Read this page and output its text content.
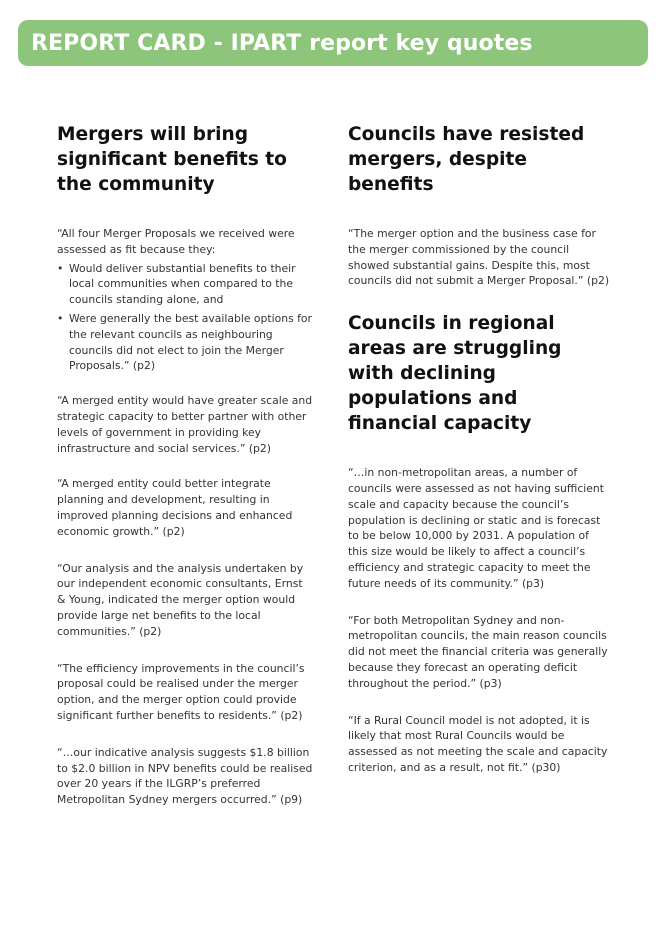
REPORT CARD - IPART report key quotes
Mergers will bring significant benefits to the community

“All four Merger Proposals we received were assessed as fit because they:

• Would deliver substantial benefits to their local communities when compared to the councils standing alone, and
• Were generally the best available options for the relevant councils as neighbouring councils did not elect to join the Merger Proposals.” (p2)

“A merged entity would have greater scale and strategic capacity to better partner with other levels of government in providing key infrastructure and social services.” (p2)

“A merged entity could better integrate planning and development, resulting in improved planning decisions and enhanced economic growth.” (p2)

“Our analysis and the analysis undertaken by our independent economic consultants, Ernst & Young, indicated the merger option would provide large net benefits to the local communities.” (p2)

“The efficiency improvements in the council’s proposal could be realised under the merger option, and the merger option could provide significant further benefits to residents.” (p2)

“…our indicative analysis suggests $1.8 billion to $2.0 billion in NPV benefits could be realised over 20 years if the ILGRP’s preferred Metropolitan Sydney mergers occurred.” (p9)

Councils have resisted mergers, despite benefits

“The merger option and the business case for the merger commissioned by the council showed substantial gains. Despite this, most councils did not submit a Merger Proposal.” (p2)

Councils in regional areas are struggling with declining populations and financial capacity

“…in non-metropolitan areas, a number of councils were assessed as not having sufficient scale and capacity because the council’s population is declining or static and is forecast to be below 10,000 by 2031. A population of this size would be likely to affect a council’s efficiency and strategic capacity to meet the future needs of its community.” (p3)

“For both Metropolitan Sydney and non-metropolitan councils, the main reason councils did not meet the financial criteria was generally because they forecast an operating deficit throughout the period.” (p3)

“If a Rural Council model is not adopted, it is likely that most Rural Councils would be assessed as not meeting the scale and capacity criterion, and as a result, not fit.” (p30)
